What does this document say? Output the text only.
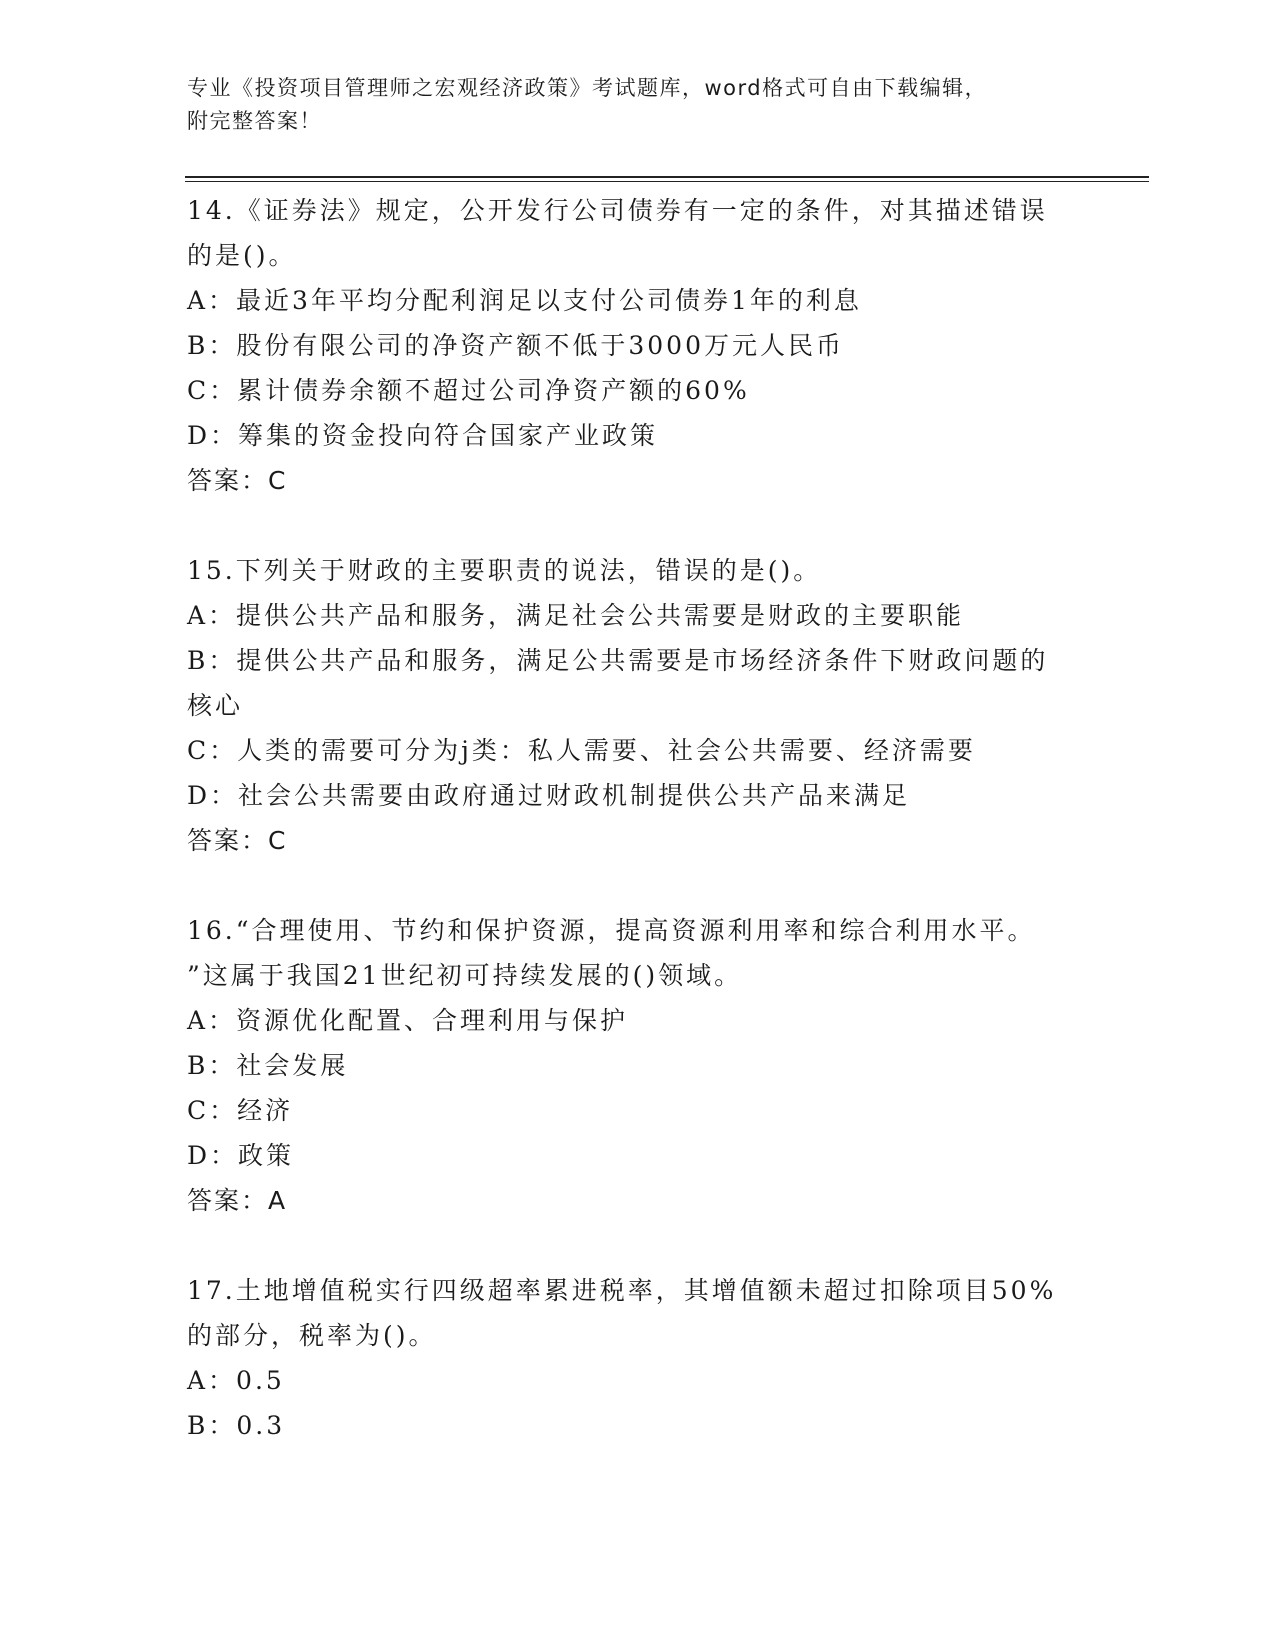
专业《投资项目管理师之宏观经济政策》考试题库，word格式可自由下载编辑，
附完整答案！
14.《证券法》规定，公开发行公司债券有一定的条件，对其描述错误
的是()。
A：最近3年平均分配利润足以支付公司债券1年的利息
B：股份有限公司的净资产额不低于3000万元人民币
C：累计债券余额不超过公司净资产额的60%
D：筹集的资金投向符合国家产业政策
答案：C
15.下列关于财政的主要职责的说法，错误的是()。
A：提供公共产品和服务，满足社会公共需要是财政的主要职能
B：提供公共产品和服务，满足公共需要是市场经济条件下财政问题的
核心
C：人类的需要可分为j类：私人需要、社会公共需要、经济需要
D：社会公共需要由政府通过财政机制提供公共产品来满足
答案：C
16.“合理使用、节约和保护资源，提高资源利用率和综合利用水平。
”这属于我国21世纪初可持续发展的()领域。
A：资源优化配置、合理利用与保护
B：社会发展
C：经济
D：政策
答案：A
17.土地增值税实行四级超率累进税率，其增值额未超过扣除项目50%
的部分，税率为()。
A：0.5
B：0.3
